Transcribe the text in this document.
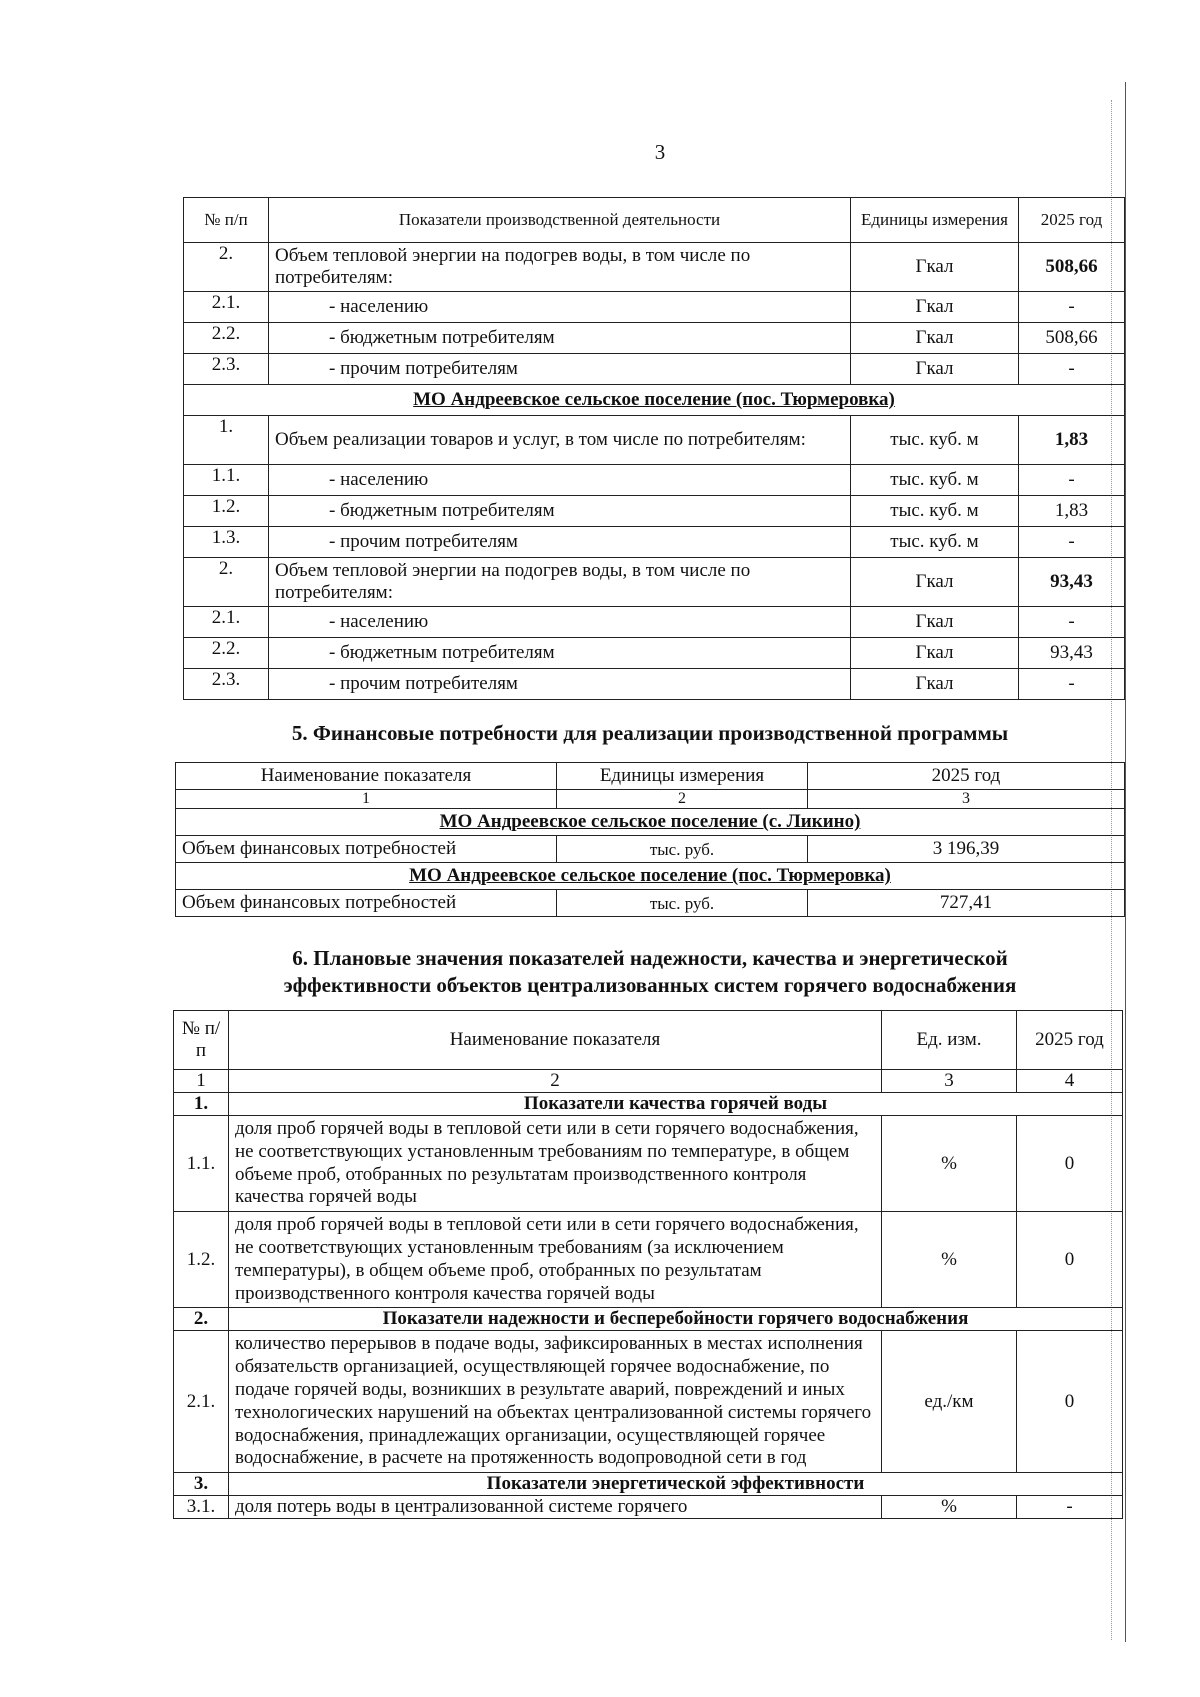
3
№ п/п	Показатели производственной деятельности	Единицы измерения	2025 год
2.	Объем тепловой энергии на подогрев воды, в том числе по потребителям:	Гкал	508,66
2.1.	- населению	Гкал	-
2.2.	- бюджетным потребителям	Гкал	508,66
2.3.	- прочим потребителям	Гкал	-
МО Андреевское сельское поселение (пос. Тюрмеровка)			
1.	Объем реализации товаров и услуг, в том числе по потребителям:	тыс. куб. м	1,83
1.1.	- населению	тыс. куб. м	-
1.2.	- бюджетным потребителям	тыс. куб. м	1,83
1.3.	- прочим потребителям	тыс. куб. м	-
2.	Объем тепловой энергии на подогрев воды, в том числе по потребителям:	Гкал	93,43
2.1.	- населению	Гкал	-
2.2.	- бюджетным потребителям	Гкал	93,43
2.3.	- прочим потребителям	Гкал	-
5. Финансовые потребности для реализации производственной программы
Наименование показателя	Единицы измерения	2025 год
1	2	3
МО Андреевское сельское поселение (с. Ликино)		
Объем финансовых потребностей	тыс. руб.	3 196,39
МО Андреевское сельское поселение (пос. Тюрмеровка)		
Объем финансовых потребностей	тыс. руб.	727,41
6. Плановые значения показателей надежности, качества и энергетической
эффективности объектов централизованных систем горячего водоснабжения
№ п/п	Наименование показателя	Ед. изм.	2025 год
1	2	3	4
1.	Показатели качества горячей воды		
1.1.	доля проб горячей воды в тепловой сети или в сети горячего водоснабжения, не соответствующих установленным требованиям по температуре, в общем объеме проб, отобранных по результатам производственного контроля качества горячей воды	%	0
1.2.	доля проб горячей воды в тепловой сети или в сети горячего водоснабжения, не соответствующих установленным требованиям (за исключением температуры), в общем объеме проб, отобранных по результатам производственного контроля качества горячей воды	%	0
2.	Показатели надежности и бесперебойности горячего водоснабжения		
2.1.	количество перерывов в подаче воды, зафиксированных в местах исполнения обязательств организацией, осуществляющей горячее водоснабжение, по подаче горячей воды, возникших в результате аварий, повреждений и иных технологических нарушений на объектах централизованной системы горячего водоснабжения, принадлежащих организации, осуществляющей горячее водоснабжение, в расчете на протяженность водопроводной сети в год	ед./км	0
3.	Показатели энергетической эффективности		
3.1.	доля потерь воды в централизованной системе горячего	%	-
